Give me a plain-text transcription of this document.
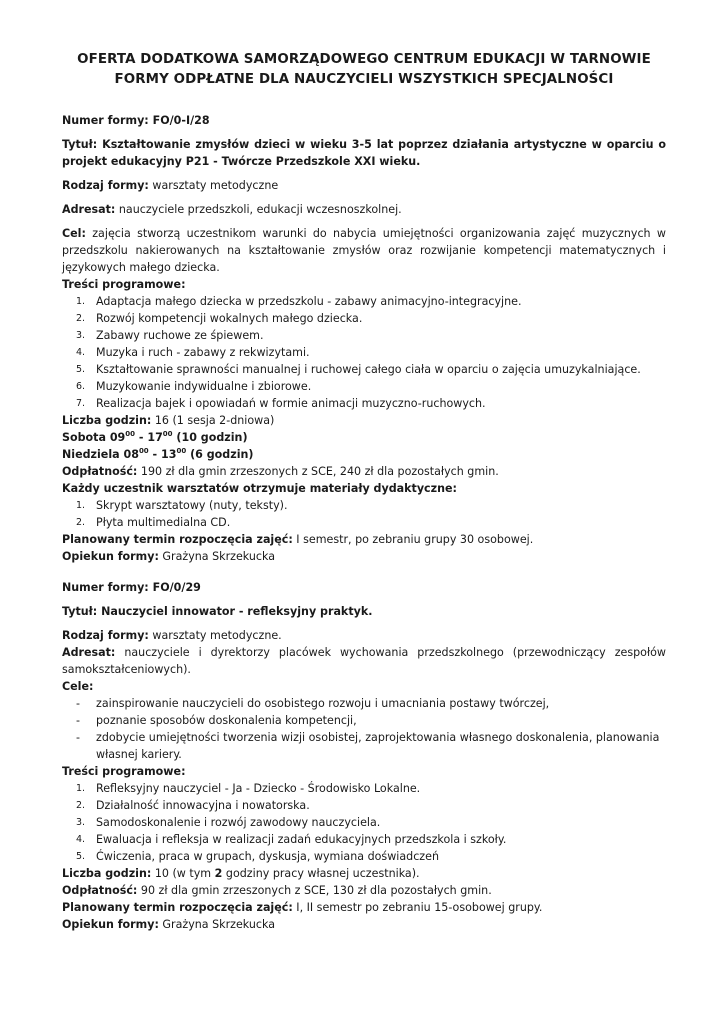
OFERTA DODATKOWA SAMORZĄDOWEGO CENTRUM EDUKACJI W TARNOWIE
FORMY ODPŁATNE DLA NAUCZYCIELI WSZYSTKICH SPECJALNOŚCI

Numer formy: FO/0-I/28

Tytuł: Kształtowanie zmysłów dzieci w wieku 3-5 lat poprzez działania artystyczne w oparciu o projekt edukacyjny P21 - Twórcze Przedszkole XXI wieku.

Rodzaj formy: warsztaty metodyczne

Adresat: nauczyciele przedszkoli, edukacji wczesnoszkolnej.

Cel: zajęcia stworzą uczestnikom warunki do nabycia umiejętności organizowania zajęć muzycznych w przedszkolu nakierowanych na kształtowanie zmysłów oraz rozwijanie kompetencji matematycznych i językowych małego dziecka.

Treści programowe:

1. Adaptacja małego dziecka w przedszkolu - zabawy animacyjno-integracyjne.
2. Rozwój kompetencji wokalnych małego dziecka.
3. Zabawy ruchowe ze śpiewem.
4. Muzyka i ruch - zabawy z rekwizytami.
5. Kształtowanie sprawności manualnej i ruchowej całego ciała w oparciu o zajęcia umuzykalniające.
6. Muzykowanie indywidualne i zbiorowe.
7. Realizacja bajek i opowiadań w formie animacji muzyczno-ruchowych.

Liczba godzin: 16 (1 sesja 2-dniowa)

Sobota $09^{00} - 17^{00}$ (10 godzin)

Niedziela $08^{00} - 13^{00}$ (6 godzin)

Odpłatność: 190 zł dla gmin zrzeszonych z SCE, 240 zł dla pozostałych gmin.

Każdy uczestnik warsztatów otrzymuje materiały dydaktyczne:

1. Skrypt warsztatowy (nuty, teksty).
2. Płyta multimedialna CD.

Planowany termin rozpoczęcia zajęć: I semestr, po zebraniu grupy 30 osobowej.

Opiekun formy: Grażyna Skrzekucka

Numer formy: FO/0/29

Tytuł: Nauczyciel innowator - refleksyjny praktyk.

Rodzaj formy: warsztaty metodyczne.

Adresat: nauczyciele i dyrektorzy placówek wychowania przedszkolnego (przewodniczący zespołów samokształceniowych).

Cele:

- zainspirowanie nauczycieli do osobistego rozwoju i umacniania postawy twórczej,
- poznanie sposobów doskonalenia kompetencji,
- zdobycie umiejętności tworzenia wizji osobistej, zaprojektowania własnego doskonalenia, planowania własnej kariery.

Treści programowe:

1. Refleksyjny nauczyciel - Ja - Dziecko - Środowisko Lokalne.
2. Działalność innowacyjna i nowatorska.
3. Samodoskonalenie i rozwój zawodowy nauczyciela.
4. Ewaluacja i refleksja w realizacji zadań edukacyjnych przedszkola i szkoły.
5. Ćwiczenia, praca w grupach, dyskusja, wymiana doświadczeń

Liczba godzin: 10 (w tym 2 godziny pracy własnej uczestnika).

Odpłatność: 90 zł dla gmin zrzeszonych z SCE, 130 zł dla pozostałych gmin.

Planowany termin rozpoczęcia zajęć: I, II semestr po zebraniu 15-osobowej grupy.

Opiekun formy: Grażyna Skrzekucka
